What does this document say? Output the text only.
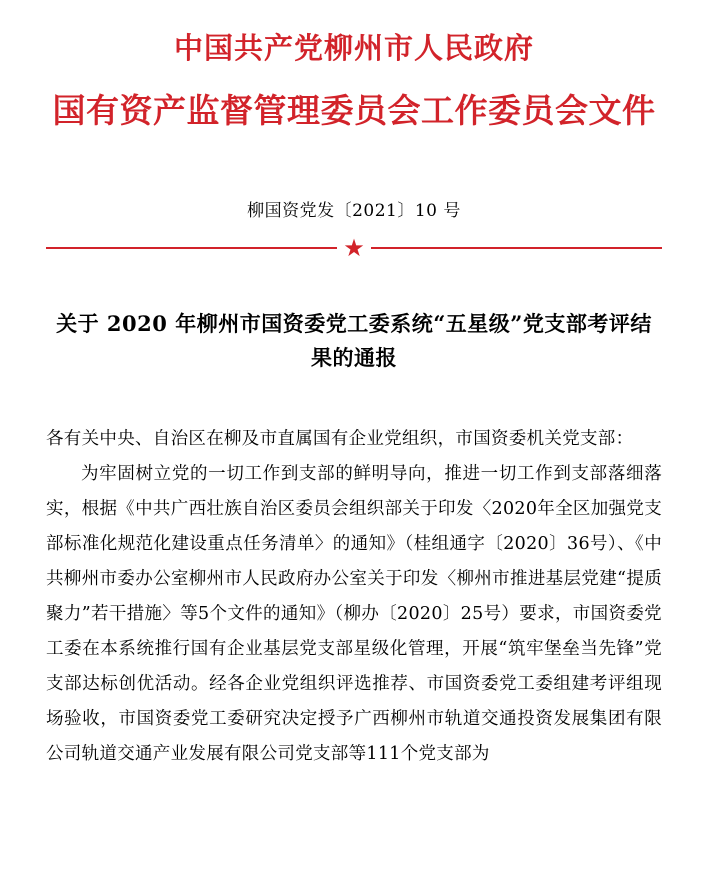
中国共产党柳州市人民政府
国有资产监督管理委员会工作委员会文件
柳国资党发〔2021〕10 号
★
关于 2020 年柳州市国资委党工委系统“五星级”党支部考评结果的通报

各有关中央、自治区在柳及市直属国有企业党组织，市国资委机关党支部：

为牢固树立党的一切工作到支部的鲜明导向，推进一切工作到支部落细落实，根据《中共广西壮族自治区委员会组织部关于印发〈2020年全区加强党支部标准化规范化建设重点任务清单〉的通知》（桂组通字〔2020〕36号）、《中共柳州市委办公室柳州市人民政府办公室关于印发〈柳州市推进基层党建“提质聚力”若干措施〉等5个文件的通知》（柳办〔2020〕25号）要求，市国资委党工委在本系统推行国有企业基层党支部星级化管理，开展“筑牢堡垒当先锋”党支部达标创优活动。经各企业党组织评选推荐、市国资委党工委组建考评组现场验收，市国资委党工委研究决定授予广西柳州市轨道交通投资发展集团有限公司轨道交通产业发展有限公司党支部等111个党支部为
